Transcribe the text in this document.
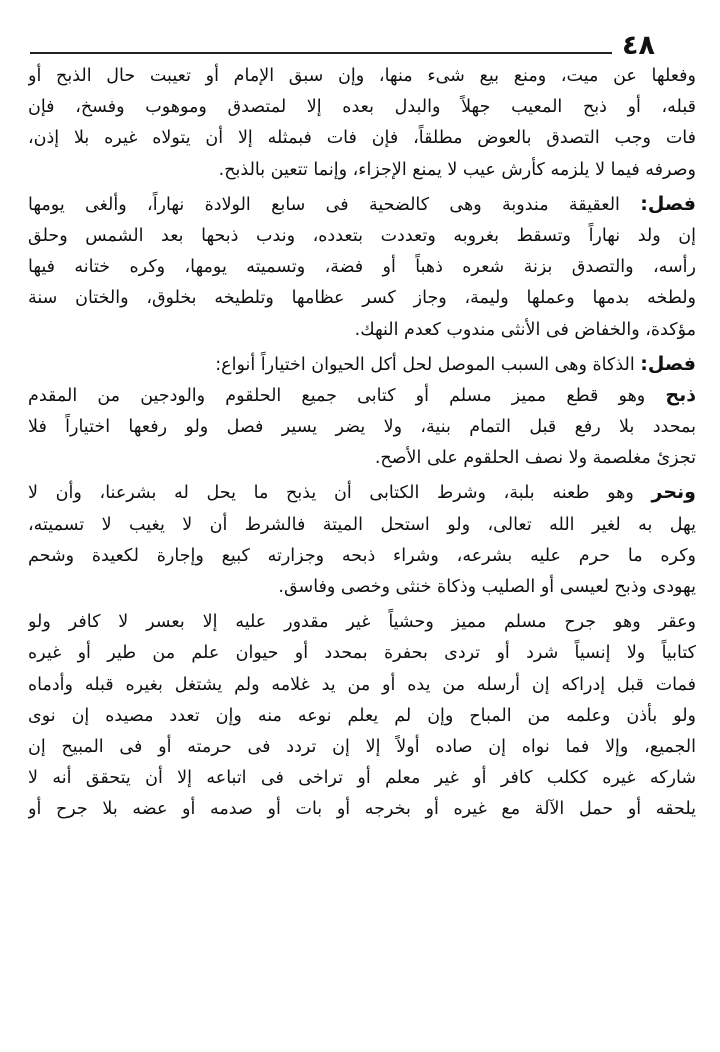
٤٨
وفعلها عن ميت، ومنع بيع شىء منها، وإن سبق الإمام أو تعيبت حال الذبح أو
قبله، أو ذبح المعيب جهلاً والبدل بعده إلا لمتصدق وموهوب وفسخ، فإن
فات وجب التصدق بالعوض مطلقاً، فإن فات فبمثله إلا أن يتولاه غيره بلا إذن،
وصرفه فيما لا يلزمه كأرش عيب لا يمنع الإجزاء، وإنما تتعين بالذبح.
فصل: العقيقة مندوبة وهى كالضحية فى سابع الولادة نهاراً، وألغى يومها
إن ولد نهاراً وتسقط بغروبه وتعددت بتعدده، وندب ذبحها بعد الشمس وحلق
رأسه، والتصدق بزنة شعره ذهباً أو فضة، وتسميته يومها، وكره ختانه فيها
ولطخه بدمها وعملها وليمة، وجاز كسر عظامها وتلطيخه بخلوق، والختان سنة
مؤكدة، والخفاض فى الأنثى مندوب كعدم النهك.
فصل: الذكاة وهى السبب الموصل لحل أكل الحيوان اختياراً أنواع:
ذبح وهو قطع مميز مسلم أو كتابى جميع الحلقوم والودجين من المقدم
بمحدد بلا رفع قبل التمام بنية، ولا يضر يسير فصل ولو رفعها اختياراً فلا
تجزئ مغلصمة ولا نصف الحلقوم على الأصح.
ونحر وهو طعنه بلبة، وشرط الكتابى أن يذبح ما يحل له بشرعنا، وأن لا
يهل به لغير الله تعالى، ولو استحل الميتة فالشرط أن لا يغيب لا تسميته،
وكره ما حرم عليه بشرعه، وشراء ذبحه وجزارته كبيع وإجارة لكعيدة وشحم
يهودى وذبح لعيسى أو الصليب وذكاة خنثى وخصى وفاسق.
وعقر وهو جرح مسلم مميز وحشياً غير مقدور عليه إلا بعسر لا كافر ولو
كتابياً ولا إنسياً شرد أو تردى بحفرة بمحدد أو حيوان علم من طير أو غيره
فمات قبل إدراكه إن أرسله من يده أو من يد غلامه ولم يشتغل بغيره قبله وأدماه
ولو بأذن وعلمه من المباح وإن لم يعلم نوعه منه وإن تعدد مصيده إن نوى
الجميع، وإلا فما نواه إن صاده أولاً إلا إن تردد فى حرمته أو فى المبيح إن
شاركه غيره ككلب كافر أو غير معلم أو تراخى فى اتباعه إلا أن يتحقق أنه لا
يلحقه أو حمل الآلة مع غيره أو بخرجه أو بات أو صدمه أو عضه بلا جرح أو
